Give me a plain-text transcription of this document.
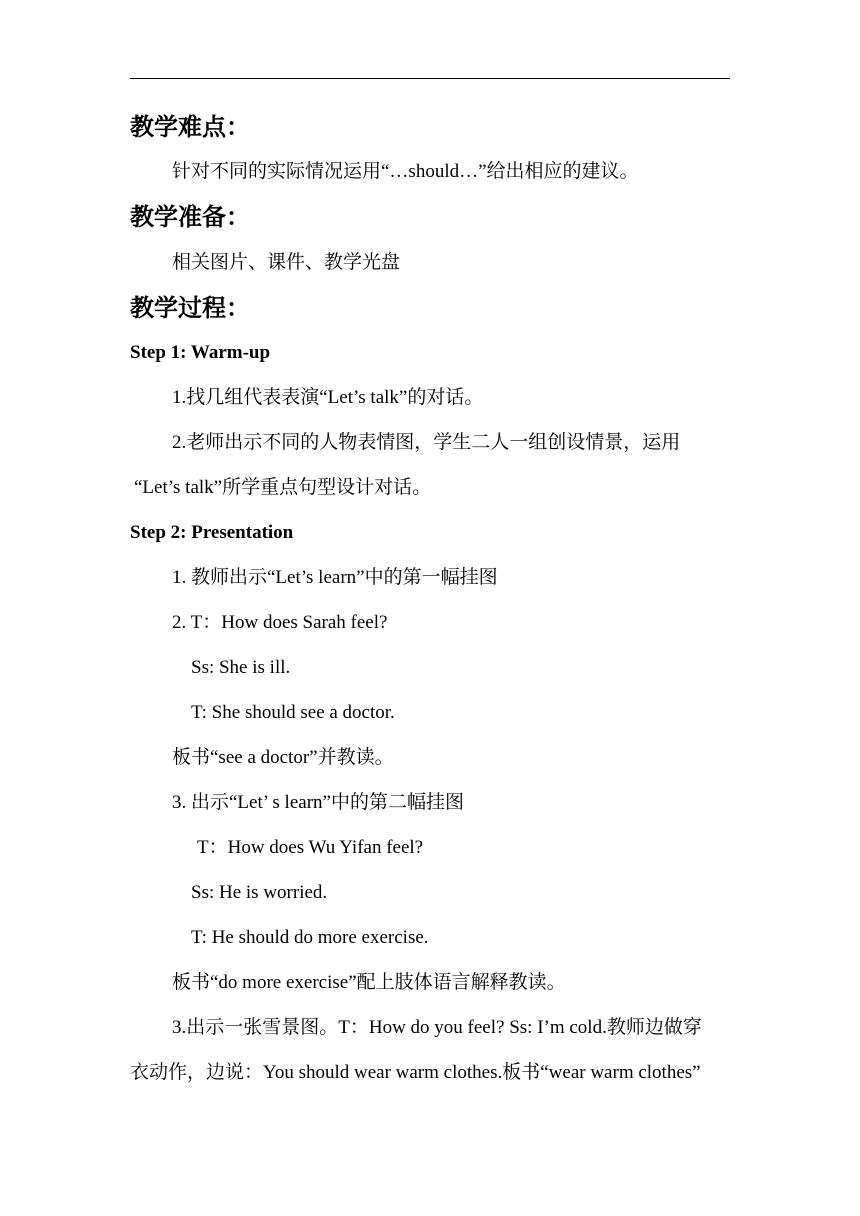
教学难点：
针对不同的实际情况运用“…should…”给出相应的建议。
教学准备：
相关图片、课件、教学光盘
教学过程：
Step 1: Warm-up
1.找几组代表表演“Let’s talk”的对话。
2.老师出示不同的人物表情图，学生二人一组创设情景，运用
“Let’s talk”所学重点句型设计对话。
Step 2: Presentation
1. 教师出示“Let’s learn”中的第一幅挂图
2. T：How does Sarah feel?
Ss: She is ill.
T: She should see a doctor.
板书“see a doctor”并教读。
3. 出示“Let’ s learn”中的第二幅挂图
T：How does Wu Yifan feel?
Ss: He is worried.
T: He should do more exercise.
板书“do more exercise”配上肢体语言解释教读。
3.出示一张雪景图。T：How do you feel? Ss: I’m cold.教师边做穿
衣动作，边说：You should wear warm clothes.板书“wear warm clothes”
